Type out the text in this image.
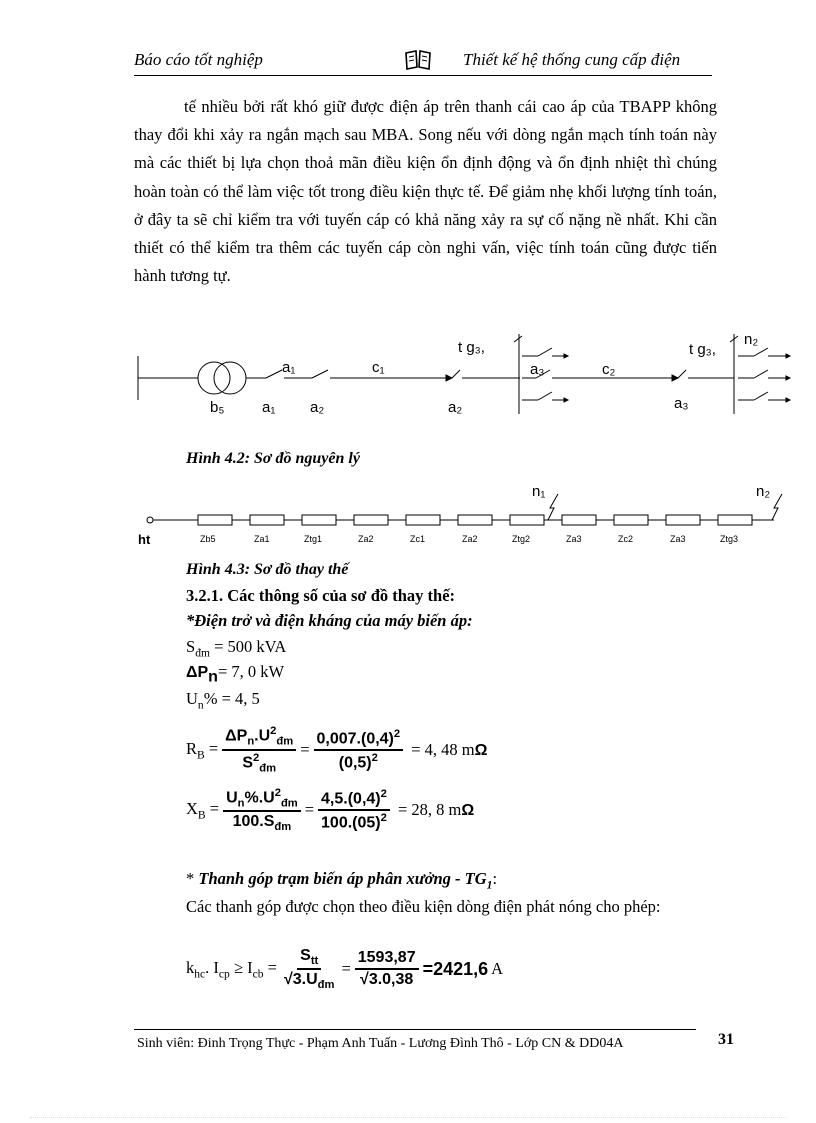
Báo cáo tốt nghiệp	Thiết kế hệ thống cung cấp điện

tế nhiều bởi rất khó giữ được điện áp trên thanh cái cao áp của TBAPP không thay đổi khi xảy ra ngắn mạch sau MBA. Song nếu với dòng ngắn mạch tính toán này mà các thiết bị lựa chọn thoả mãn điều kiện ổn định động và ổn định nhiệt thì chúng hoàn toàn có thể làm việc tốt trong điều kiện thực tế. Để giảm nhẹ khối lượng tính toán, ở đây ta sẽ chỉ kiểm tra với tuyến cáp có khả năng xảy ra sự cố nặng nề nhất. Khi cần thiết có thể kiểm tra thêm các tuyến cáp còn nghi vấn, việc tính toán cũng được tiến hành tương tự.

a₁	c₁
t g₃,
a₃	c₂
t g₃,
n₂
b₅	a₁ a₂	a₂	a₃
Hình 4.2: Sơ đồ nguyên lý
n₁	n₂
ht	Zb5	Za1	Ztg1	Za2	Zc1	Za2	Ztg2	Za3	Zc2	Za3	Ztg3
Hình 4.3: Sơ đồ thay thế
3.2.1. Các thông số của sơ đồ thay thế:
*Điện trở và điện kháng của máy biến áp:
$S_{đm} = 500$ kVA
$\Delta P_n= 7$, 0 kW
$U_n\% = 4$, 5
$R_B = \frac{\Delta P_n.U^2_{đm}}{S^2_{đm}} = \frac{0,007.(0,4)^2}{(0,5)^2} = 4$, 48 mΩ
$X_B = \frac{U_n\%.U^2_{đm}}{100.S_{đm}} = \frac{4,5.(0,4)^2}{100.(05)^2} = 28$, 8 mΩ
* Thanh góp trạm biến áp phân xưởng - $TG_1$:

Các thanh góp được chọn theo điều kiện dòng điện phát nóng cho phép:

$k_{hc}$. $I_{cp} \ge I_{cb} = \frac{S_{tt}}{√3.U_{đm}} = \frac{1593,87}{√3.0,38} =2421,6$ A
Sinh viên: Đinh Trọng Thực - Phạm Anh Tuấn - Lương Đình Thô - Lớp CN & DD04A	31
